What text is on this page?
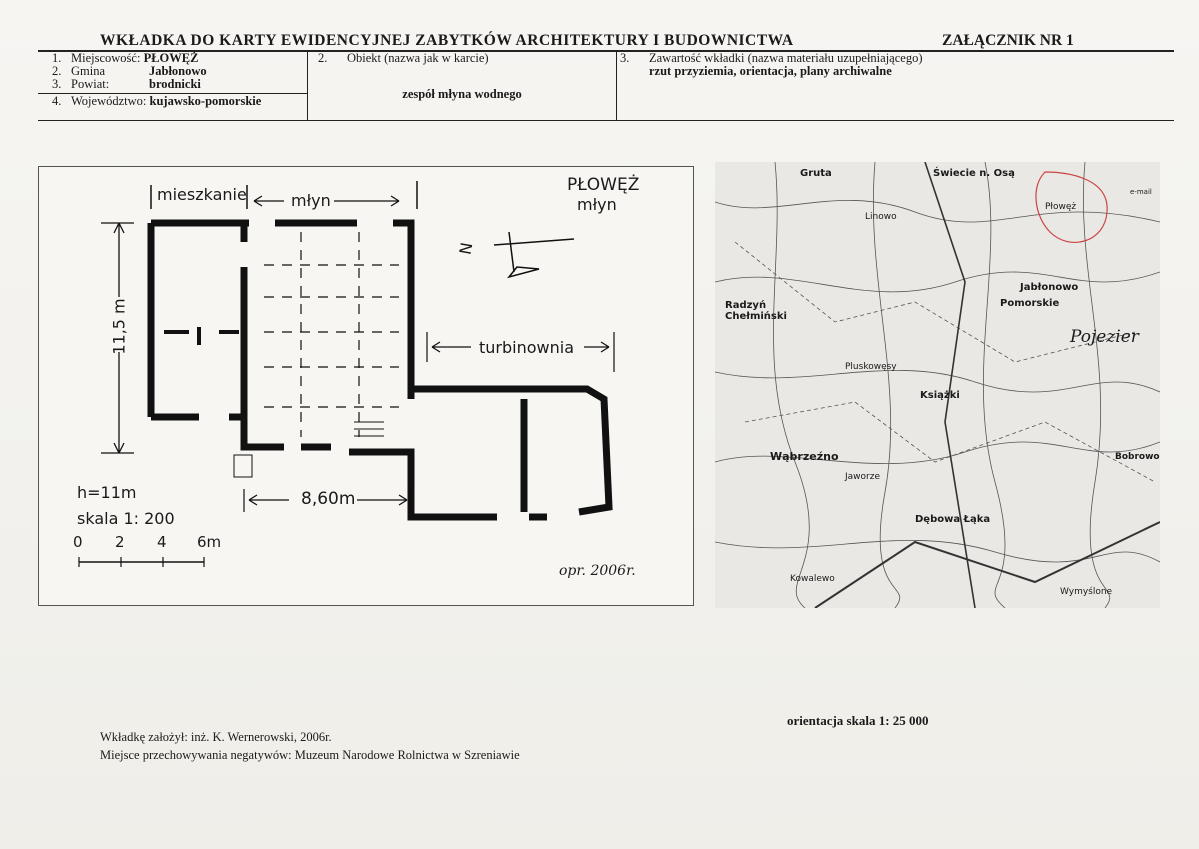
WKŁADKA DO KARTY EWIDENCYJNEJ ZABYTKÓW ARCHITEKTURY I BUDOWNICTWA	ZAŁĄCZNIK NR 1
1. Miejscowość: PŁOWĘŻ
2. Gmina	Jabłonowo
3. Powiat:	brodnicki
4. Województwo: kujawsko-pomorskie
2. Obiekt (nazwa jak w karcie)
zespół młyna wodnego
3. Zawartość wkładki (nazwa materiału uzupełniającego)
rzut przyziemia, orientacja, plany archiwalne
mieszkanie	młyn
turbinownia
PŁOWĘŻ
młyn
N
11,5 m
8,60m
h=11m
skala 1: 200
0 2 4 6m
opr. 2006r.
Gruta	Świecie n. Osą
Płowęż
Linowo
Jabłonowo
Pomorskie
Radzyń Chełmiński
Pojezier
Książki
Wąbrzeźno
Dębowa Łąka
Bobrowo
Jaworze
Pluskowęsy
Wymyślone
Kowalewo
e-mail
orientacja skala 1: 25 000
Wkładkę założył: inż. K. Wernerowski, 2006r.
Miejsce przechowywania negatywów: Muzeum Narodowe Rolnictwa w Szreniawie
